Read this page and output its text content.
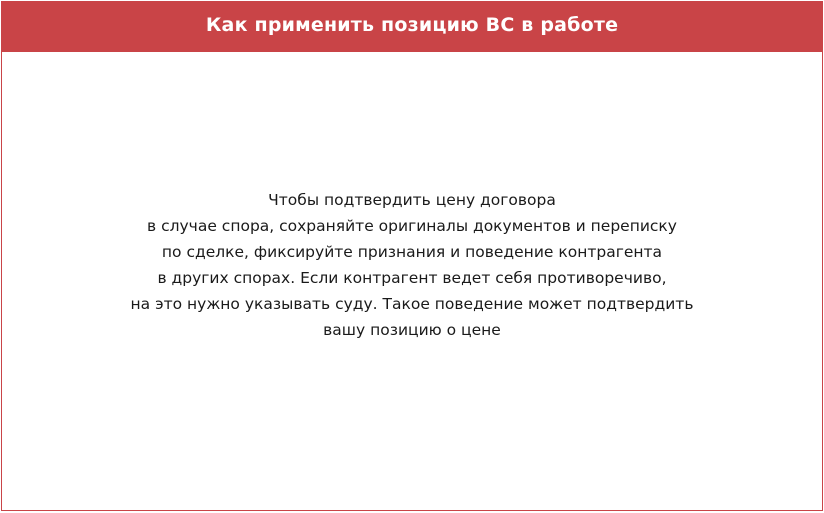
Как применить позицию ВС в работе
Чтобы подтвердить цену договора
в случае спора, сохраняйте оригиналы документов и переписку
по сделке, фиксируйте признания и поведение контрагента
в других спорах. Если контрагент ведет себя противоречиво,
на это нужно указывать суду. Такое поведение может подтвердить
вашу позицию о цене
